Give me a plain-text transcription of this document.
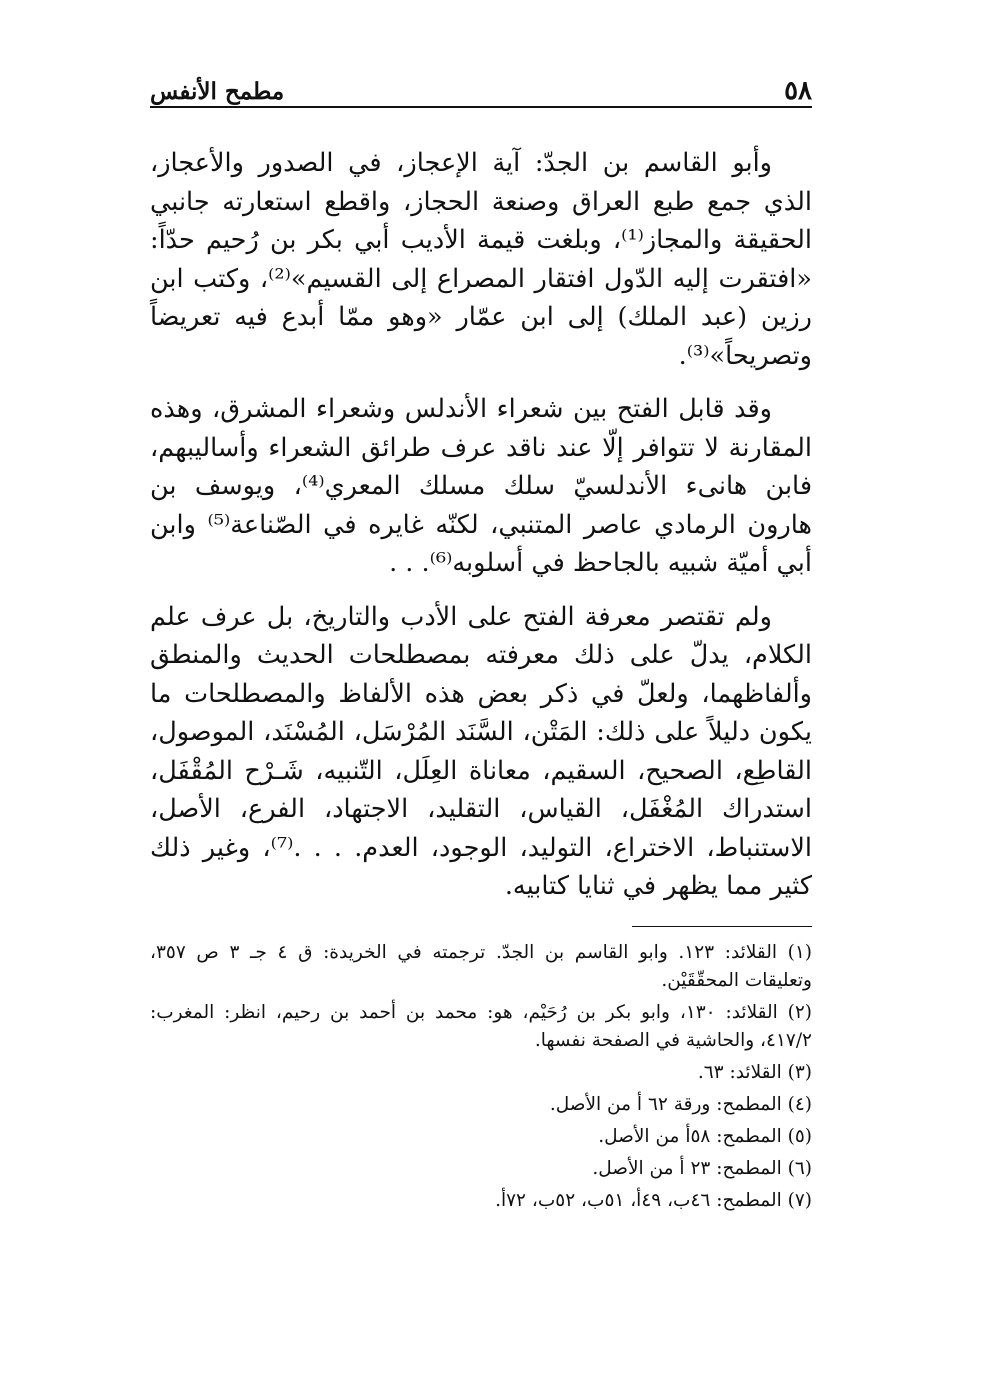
٥٨
مطمح الأنفس

وأبو القاسم بن الجدّ: آية الإعجاز، في الصدور والأعجاز، الذي جمع طبع العراق وصنعة الحجاز، واقطع استعارته جانبي الحقيقة والمجاز⁽¹⁾، وبلغت قيمة الأديب أبي بكر بن رُحيم حدّاً: «افتقرت إليه الدّول افتقار المصراع إلى القسيم»⁽²⁾، وكتب ابن رزين (عبد الملك) إلى ابن عمّار «وهو ممّا أبدع فيه تعريضاً وتصريحاً»⁽³⁾.

وقد قابل الفتح بين شعراء الأندلس وشعراء المشرق، وهذه المقارنة لا تتوافر إلّا عند ناقد عرف طرائق الشعراء وأساليبهم، فابن هانىء الأندلسيّ سلك مسلك المعري⁽⁴⁾، ويوسف بن هارون الرمادي عاصر المتنبي، لكنّه غايره في الصّناعة⁽⁵⁾ وابن أبي أميّة شبيه بالجاحظ في أسلوبه⁽⁶⁾. . .

ولم تقتصر معرفة الفتح على الأدب والتاريخ، بل عرف علم الكلام، يدلّ على ذلك معرفته بمصطلحات الحديث والمنطق وألفاظهما، ولعلّ في ذكر بعض هذه الألفاظ والمصطلحات ما يكون دليلاً على ذلك: المَتْن، السَّنَد المُرْسَل، المُسْنَد، الموصول، القاطِع، الصحيح، السقيم، معاناة العِلَل، التّنبيه، شَـرْح المُقْفَل، استدراك المُغْفَل، القياس، التقليد، الاجتهاد، الفرع، الأصل، الاستنباط، الاختراع، التوليد، الوجود، العدم. . . .⁽⁷⁾، وغير ذلك كثير مما يظهر في ثنايا كتابيه.

(١) القلائد: ١٢٣. وابو القاسم بن الجدّ. ترجمته في الخريدة: ق ٤ جـ ٣ ص ٣٥٧، وتعليقات المحقّقَيْن.

(٢) القلائد: ١٣٠، وابو بكر بن رُحَيْم، هو: محمد بن أحمد بن رحيم، انظر: المغرب: ٤١٧/٢، والحاشية في الصفحة نفسها.

(٣) القلائد: ٦٣.

(٤) المطمح: ورقة ٦٢ أ من الأصل.

(٥) المطمح: ٥٨أ من الأصل.

(٦) المطمح: ٢٣ أ من الأصل.

(٧) المطمح: ٤٦ب، ٤٩أ، ٥١ب، ٥٢ب، ٧٢أ.
